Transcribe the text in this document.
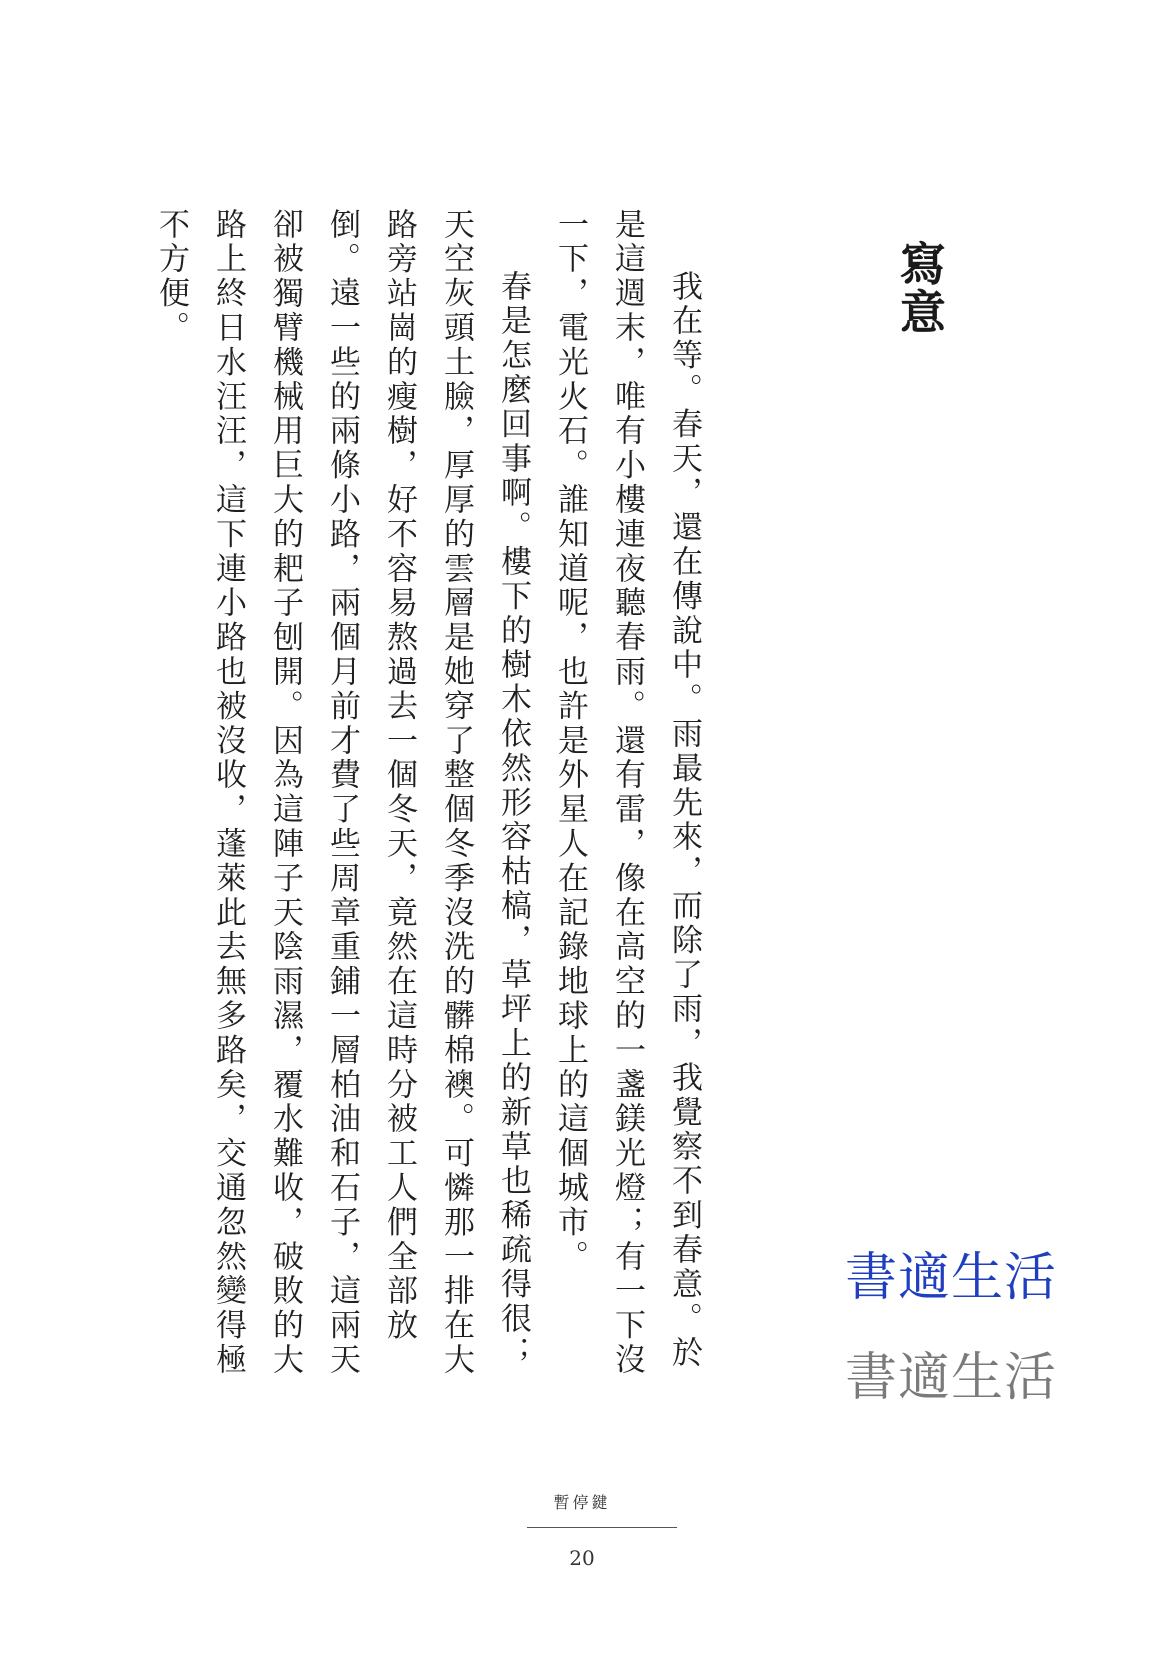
寫意

我在等。春天，還在傳說中。雨最先來，而除了雨，我覺察不到春意。於是這週末，唯有小樓連夜聽春雨。還有雷，像在高空的一盞鎂光燈；有一下沒一下，電光火石。誰知道呢，也許是外星人在記錄地球上的這個城市。

春是怎麼回事啊。樓下的樹木依然形容枯槁，草坪上的新草也稀疏得很；天空灰頭土臉，厚厚的雲層是她穿了整個冬季沒洗的髒棉襖。可憐那一排在大路旁站崗的瘦樹，好不容易熬過去一個冬天，竟然在這時分被工人們全部放倒。遠一些的兩條小路，兩個月前才費了些周章重鋪一層柏油和石子，這兩天卻被獨臂機械用巨大的耙子刨開。因為這陣子天陰雨濕，覆水難收，破敗的大路上終日水汪汪，這下連小路也被沒收，蓬萊此去無多路矣，交通忽然變得極不方便。

書適生活
書適生活
暫停鍵
20
